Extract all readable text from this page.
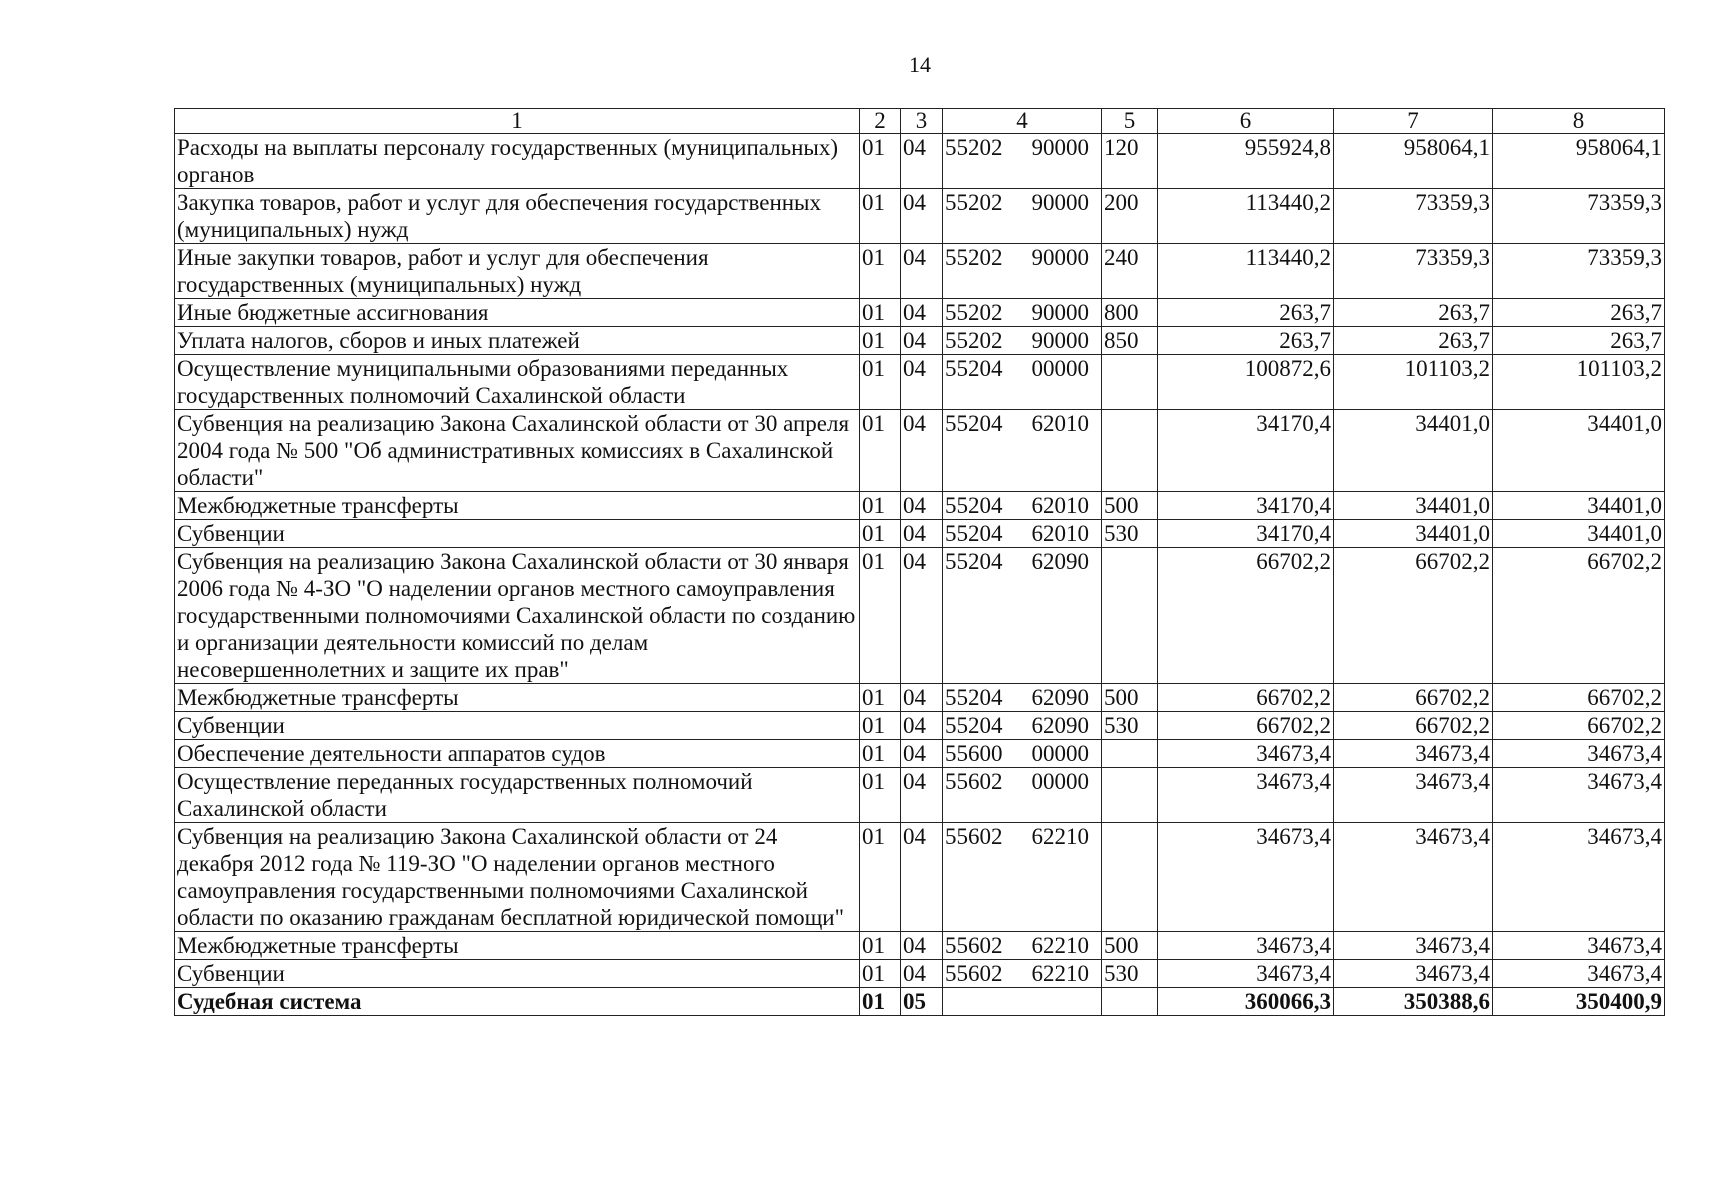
14
1	2	3	4	5	6	7	8
Расходы на выплаты персоналу государственных (муниципальных) органов	01	04	55202 90000	120	955924,8	958064,1	958064,1
Закупка товаров, работ и услуг для обеспечения государственных (муниципальных) нужд	01	04	55202 90000	200	113440,2	73359,3	73359,3
Иные закупки товаров, работ и услуг для обеспечения государственных (муниципальных) нужд	01	04	55202 90000	240	113440,2	73359,3	73359,3
Иные бюджетные ассигнования	01	04	55202 90000	800	263,7	263,7	263,7
Уплата налогов, сборов и иных платежей	01	04	55202 90000	850	263,7	263,7	263,7
Осуществление муниципальными образованиями переданных государственных полномочий Сахалинской области	01	04	55204 00000		100872,6	101103,2	101103,2
Субвенция на реализацию Закона Сахалинской области от 30 апреля 2004 года № 500 "Об административных комиссиях в Сахалинской области"	01	04	55204 62010		34170,4	34401,0	34401,0
Межбюджетные трансферты	01	04	55204 62010	500	34170,4	34401,0	34401,0
Субвенции	01	04	55204 62010	530	34170,4	34401,0	34401,0
Субвенция на реализацию Закона Сахалинской области от 30 января 2006 года № 4-ЗО "О наделении органов местного самоуправления государственными полномочиями Сахалинской области по созданию и организации деятельности комиссий по делам несовершеннолетних и защите их прав"	01	04	55204 62090		66702,2	66702,2	66702,2
Межбюджетные трансферты	01	04	55204 62090	500	66702,2	66702,2	66702,2
Субвенции	01	04	55204 62090	530	66702,2	66702,2	66702,2
Обеспечение деятельности аппаратов судов	01	04	55600 00000		34673,4	34673,4	34673,4
Осуществление переданных государственных полномочий Сахалинской области	01	04	55602 00000		34673,4	34673,4	34673,4
Субвенция на реализацию Закона Сахалинской области от 24 декабря 2012 года № 119-ЗО "О наделении органов местного самоуправления государственными полномочиями Сахалинской области по оказанию гражданам бесплатной юридической помощи"	01	04	55602 62210		34673,4	34673,4	34673,4
Межбюджетные трансферты	01	04	55602 62210	500	34673,4	34673,4	34673,4
Субвенции	01	04	55602 62210	530	34673,4	34673,4	34673,4
Судебная система	01	05			360066,3	350388,6	350400,9
